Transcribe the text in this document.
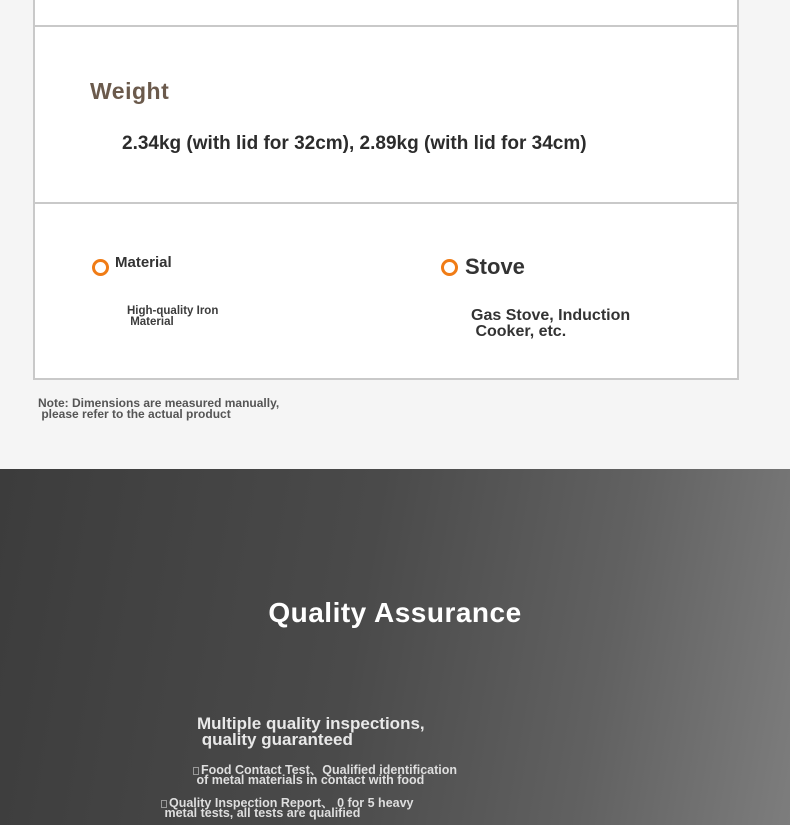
Weight
2.34kg (with lid for 32cm), 2.89kg (with lid for 34cm)
Material
High-quality Iron
Material
Stove
Gas Stove, Induction
Cooker, etc.
Note: Dimensions are measured manually,
please refer to the actual product
Quality Assurance
Multiple quality inspections,
quality guaranteed
Food Contact Test、Qualified identification
of metal materials in contact with food
Quality Inspection Report、 0 for 5 heavy
metal tests, all tests are qualified
